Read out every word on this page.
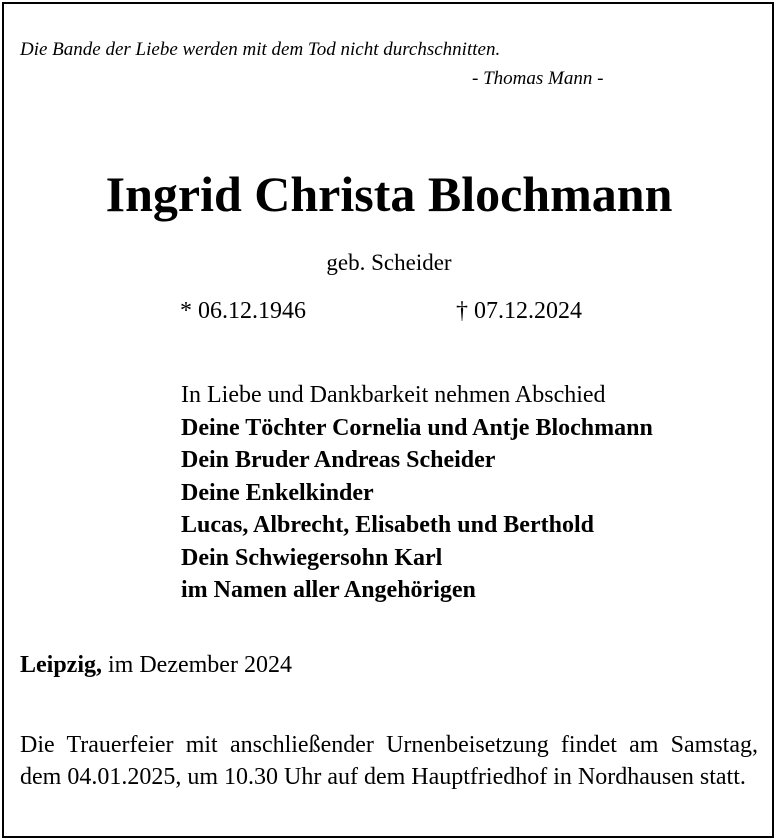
Die Bande der Liebe werden mit dem Tod nicht durchschnitten.
- Thomas Mann -
Ingrid Christa Blochmann
geb. Scheider
* 06.12.1946	† 07.12.2024
In Liebe und Dankbarkeit nehmen Abschied
Deine Töchter Cornelia und Antje Blochmann
Dein Bruder Andreas Scheider
Deine Enkelkinder
Lucas, Albrecht, Elisabeth und Berthold
Dein Schwiegersohn Karl
im Namen aller Angehörigen
Leipzig, im Dezember 2024
Die Trauerfeier mit anschließender Urnenbeisetzung findet am Samstag, dem 04.01.2025, um 10.30 Uhr auf dem Hauptfriedhof in Nordhausen statt.
